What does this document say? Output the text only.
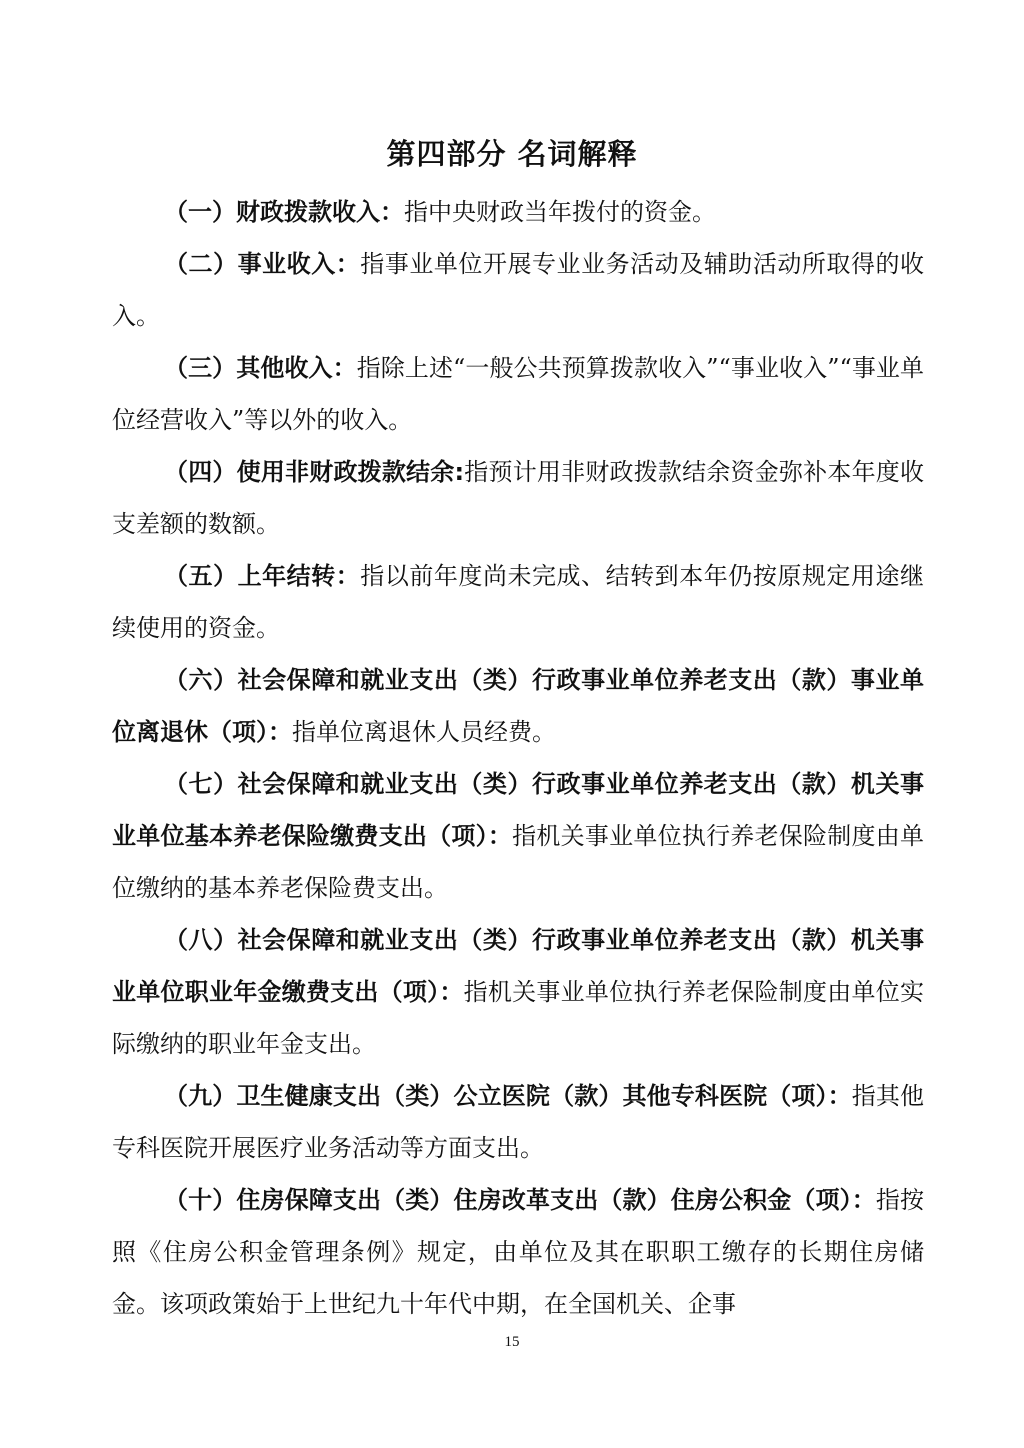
第四部分 名词解释

（一）财政拨款收入：指中央财政当年拨付的资金。

（二）事业收入：指事业单位开展专业业务活动及辅助活动所取得的收入。

（三）其他收入：指除上述“一般公共预算拨款收入”“事业收入”“事业单位经营收入”等以外的收入。

（四）使用非财政拨款结余:指预计用非财政拨款结余资金弥补本年度收支差额的数额。

（五）上年结转：指以前年度尚未完成、结转到本年仍按原规定用途继续使用的资金。

（六）社会保障和就业支出（类）行政事业单位养老支出（款）事业单位离退休（项）：指单位离退休人员经费。

（七）社会保障和就业支出（类）行政事业单位养老支出（款）机关事业单位基本养老保险缴费支出（项）：指机关事业单位执行养老保险制度由单位缴纳的基本养老保险费支出。

（八）社会保障和就业支出（类）行政事业单位养老支出（款）机关事业单位职业年金缴费支出（项）：指机关事业单位执行养老保险制度由单位实际缴纳的职业年金支出。

（九）卫生健康支出（类）公立医院（款）其他专科医院（项）：指其他专科医院开展医疗业务活动等方面支出。

（十）住房保障支出（类）住房改革支出（款）住房公积金（项）：指按照《住房公积金管理条例》规定，由单位及其在职职工缴存的长期住房储金。该项政策始于上世纪九十年代中期，在全国机关、企事

15
